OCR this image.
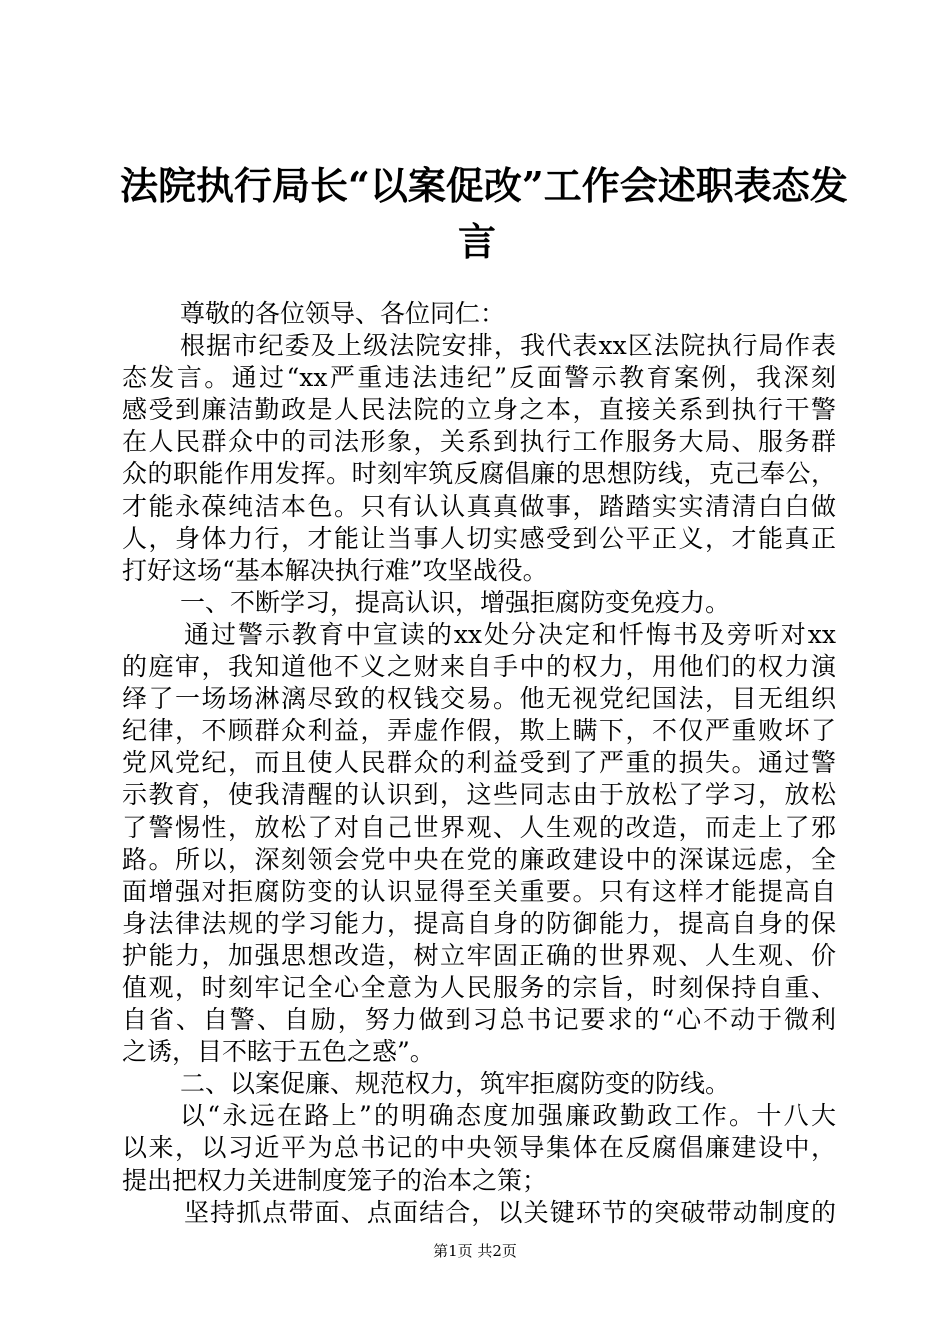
法院执行局长“以案促改”工作会述职表态发
言
尊敬的各位领导、各位同仁：
根据市纪委及上级法院安排，我代表xx区法院执行局作表
态发言。通过“xx严重违法违纪”反面警示教育案例，我深刻
感受到廉洁勤政是人民法院的立身之本，直接关系到执行干警
在人民群众中的司法形象，关系到执行工作服务大局、服务群
众的职能作用发挥。时刻牢筑反腐倡廉的思想防线，克己奉公，
才能永葆纯洁本色。只有认认真真做事，踏踏实实清清白白做
人，身体力行，才能让当事人切实感受到公平正义，才能真正
打好这场“基本解决执行难”攻坚战役。
一、不断学习，提高认识，增强拒腐防变免疫力。
通过警示教育中宣读的xx处分决定和忏悔书及旁听对xx
的庭审，我知道他不义之财来自手中的权力，用他们的权力演
绎了一场场淋漓尽致的权钱交易。他无视党纪国法，目无组织
纪律，不顾群众利益，弄虚作假，欺上瞒下，不仅严重败坏了
党风党纪，而且使人民群众的利益受到了严重的损失。通过警
示教育，使我清醒的认识到，这些同志由于放松了学习，放松
了警惕性，放松了对自己世界观、人生观的改造，而走上了邪
路。所以，深刻领会党中央在党的廉政建设中的深谋远虑，全
面增强对拒腐防变的认识显得至关重要。只有这样才能提高自
身法律法规的学习能力，提高自身的防御能力，提高自身的保
护能力，加强思想改造，树立牢固正确的世界观、人生观、价
值观，时刻牢记全心全意为人民服务的宗旨，时刻保持自重、
自省、自警、自励，努力做到习总书记要求的“心不动于微利
之诱，目不眩于五色之惑”。
二、以案促廉、规范权力，筑牢拒腐防变的防线。
以“永远在路上”的明确态度加强廉政勤政工作。十八大
以来，以习近平为总书记的中央领导集体在反腐倡廉建设中，
提出把权力关进制度笼子的治本之策；
坚持抓点带面、点面结合，以关键环节的突破带动制度的
第1页 共2页
